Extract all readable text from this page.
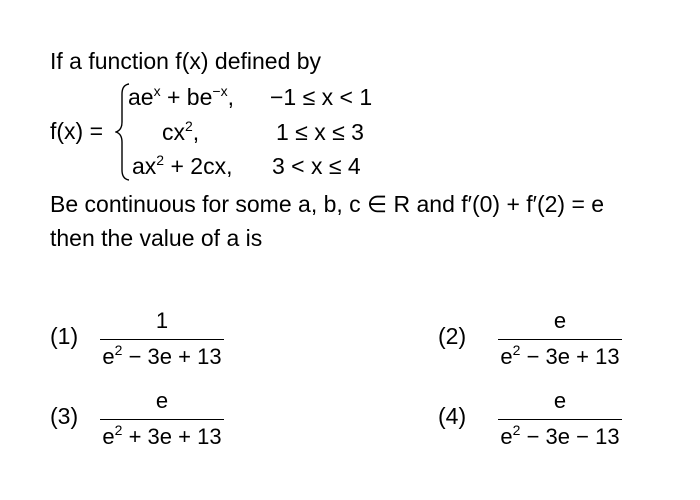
If a function f(x) defined by
f(x) =
$ae^x + be^{-x}$, −1 ≤ x < 1
$cx^2$,	1 ≤ x ≤ 3
$ax^2 + 2cx$, 3 < x ≤ 4
Be continuous for some a, b, c ∈ R and f′(0) + f′(2) = e
then the value of a is
(1)
1
$e^2 - 3e + 13$
(2)
e
$e^2 - 3e + 13$
(3)
e
$e^2 + 3e + 13$
(4)
e
$e^2 - 3e - 13$
